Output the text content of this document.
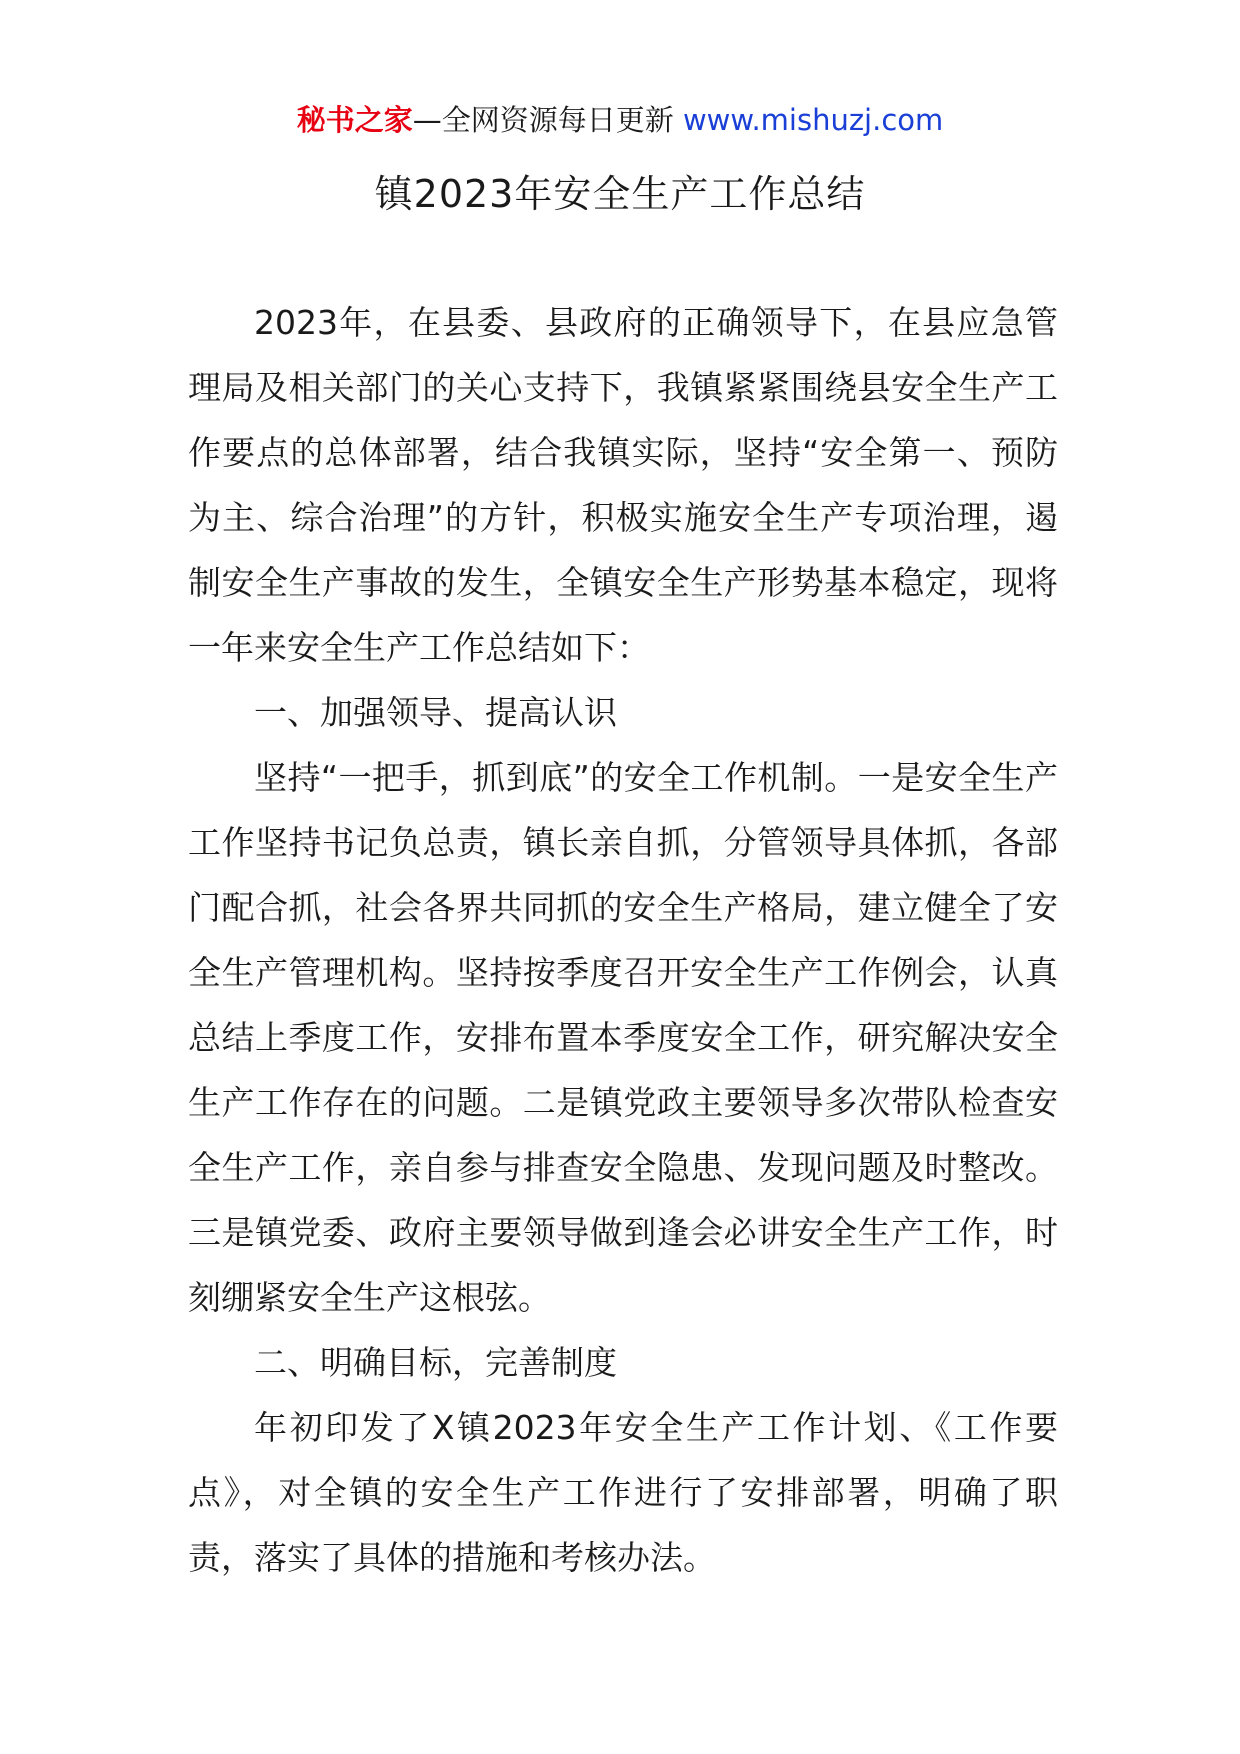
秘书之家—全网资源每日更新 www.mishuzj.com
镇2023年安全生产工作总结

2023年，在县委、县政府的正确领导下，在县应急管理局及相关部门的关心支持下，我镇紧紧围绕县安全生产工作要点的总体部署，结合我镇实际，坚持“安全第一、预防为主、综合治理”的方针，积极实施安全生产专项治理，遏制安全生产事故的发生，全镇安全生产形势基本稳定，现将一年来安全生产工作总结如下：

一、加强领导、提高认识

坚持“一把手，抓到底”的安全工作机制。一是安全生产工作坚持书记负总责，镇长亲自抓，分管领导具体抓，各部门配合抓，社会各界共同抓的安全生产格局，建立健全了安全生产管理机构。坚持按季度召开安全生产工作例会，认真总结上季度工作，安排布置本季度安全工作，研究解决安全生产工作存在的问题。二是镇党政主要领导多次带队检查安全生产工作，亲自参与排查安全隐患、发现问题及时整改。三是镇党委、政府主要领导做到逢会必讲安全生产工作，时刻绷紧安全生产这根弦。

二、明确目标，完善制度

年初印发了X镇2023年安全生产工作计划、《工作要点》，对全镇的安全生产工作进行了安排部署，明确了职责，落实了具体的措施和考核办法。
